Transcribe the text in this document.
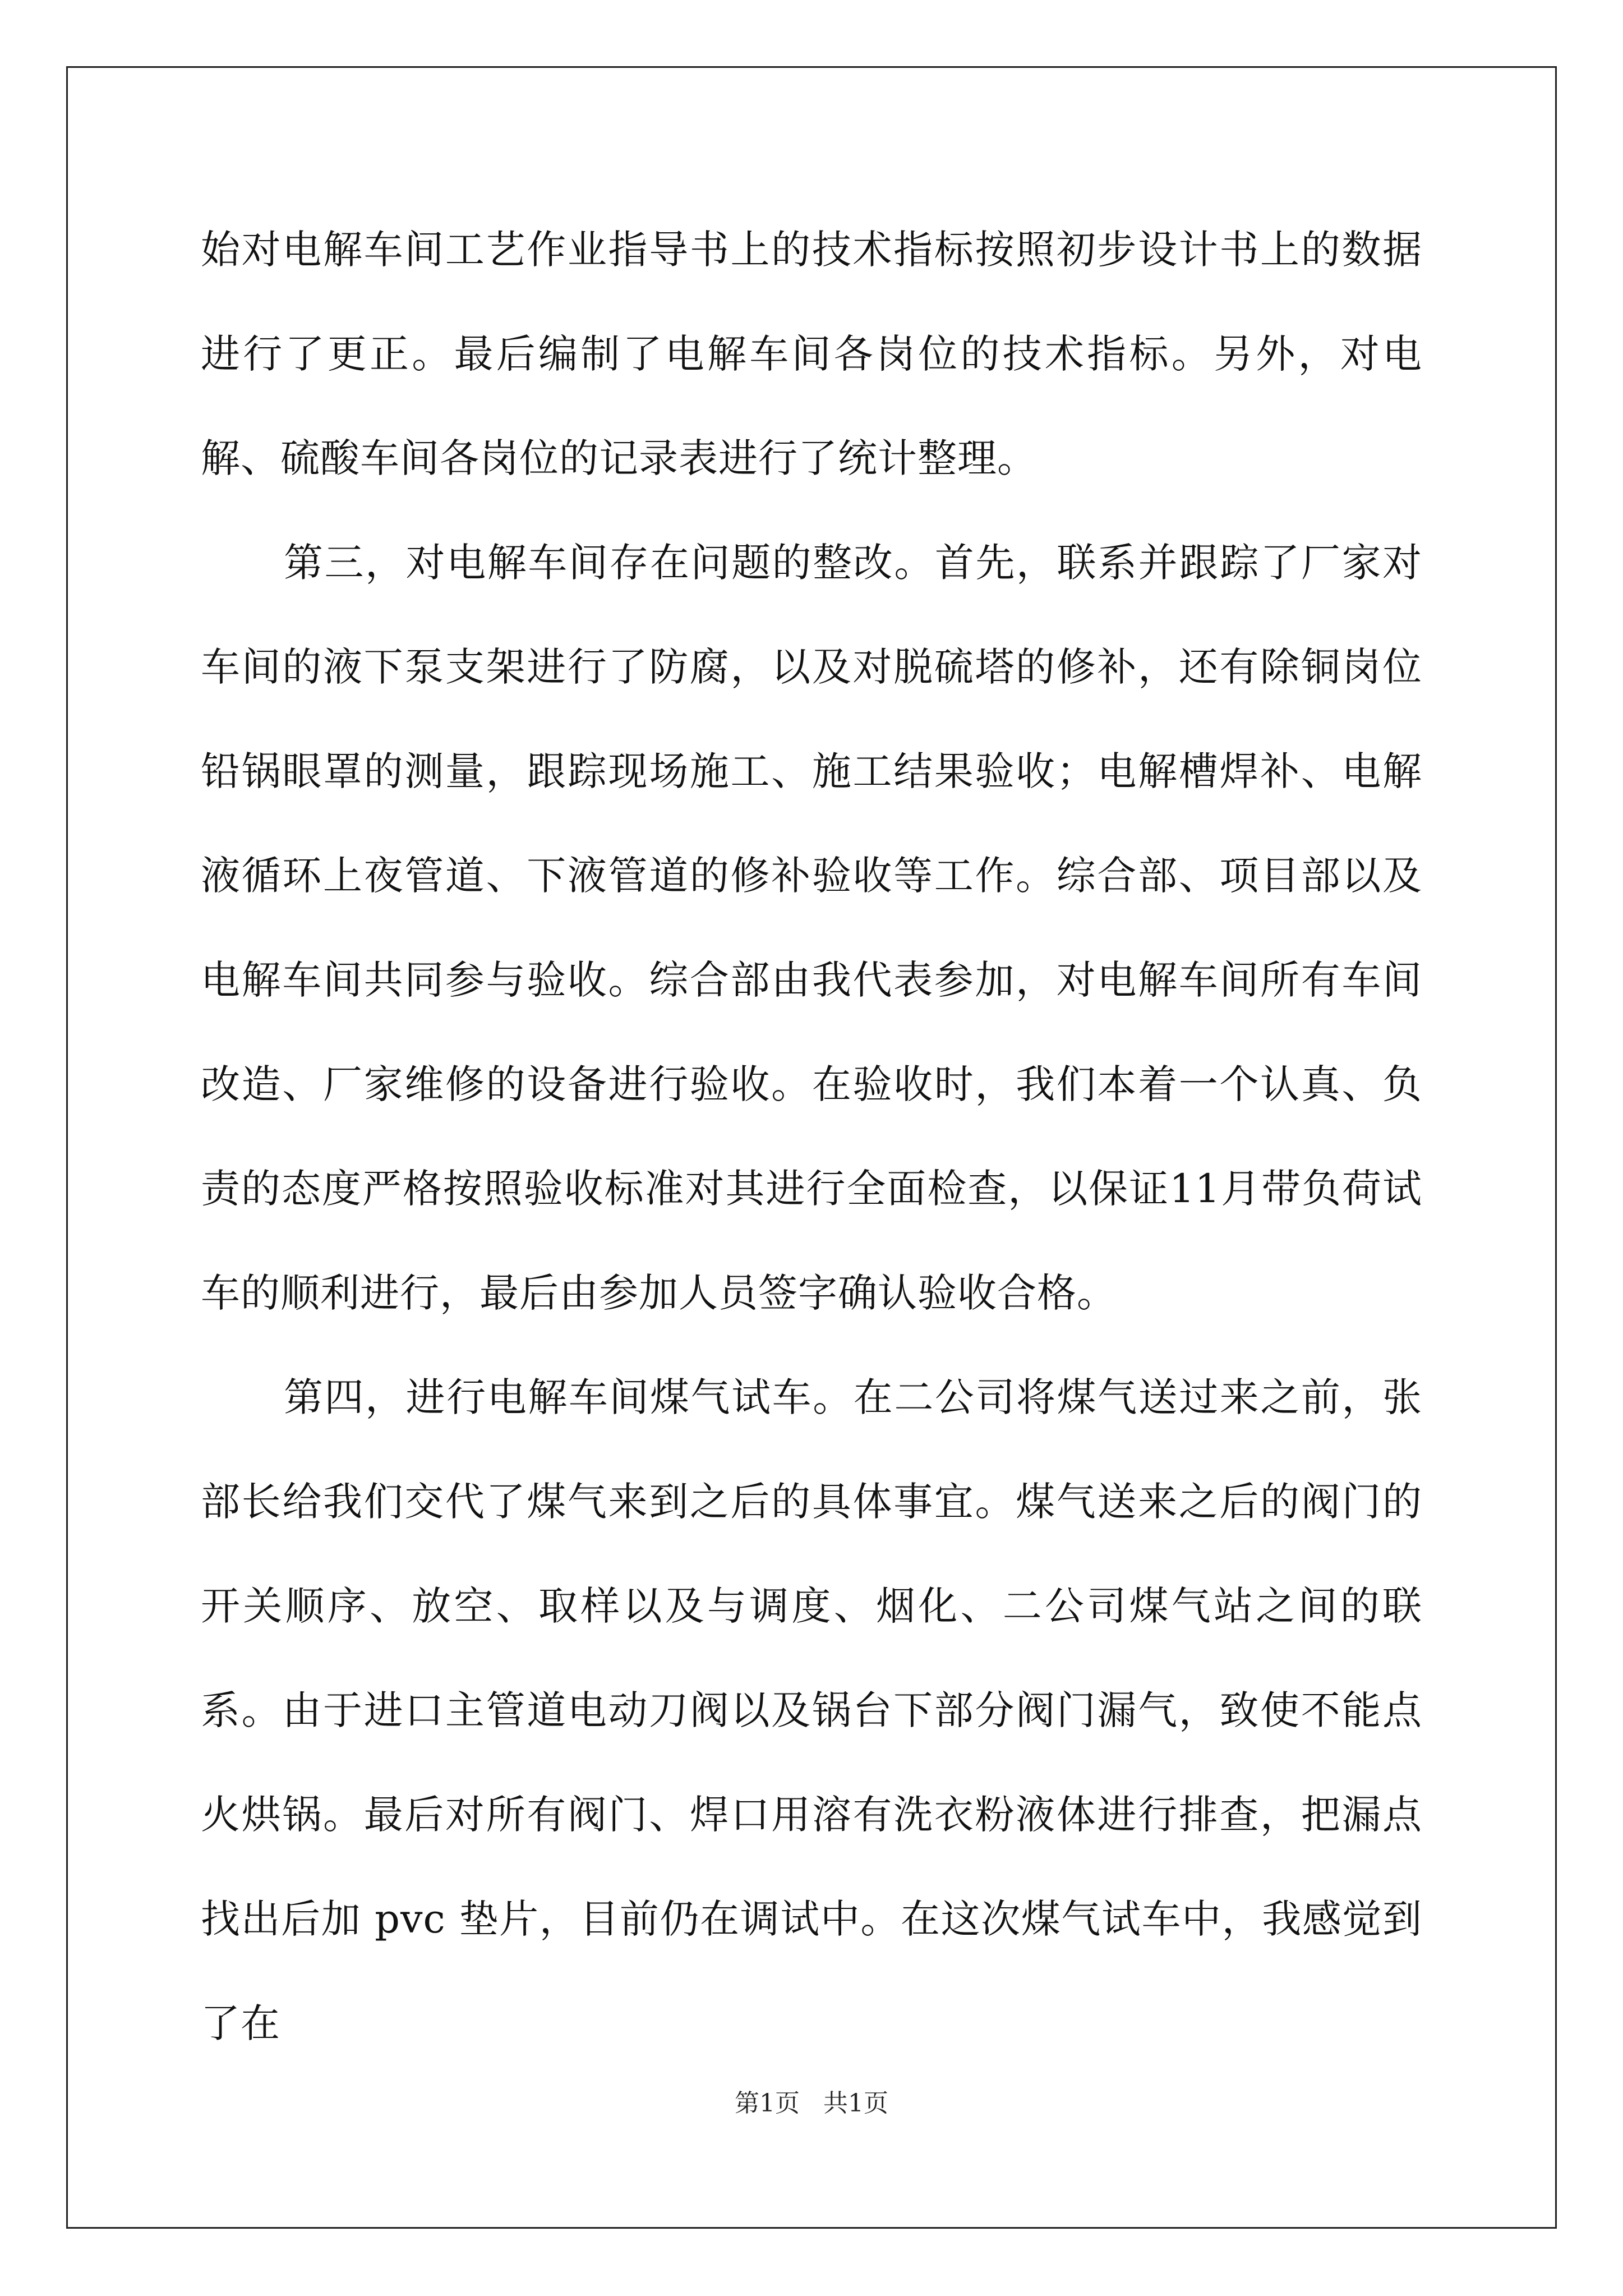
始对电解车间工艺作业指导书上的技术指标按照初步设计书上的数据进行了更正。最后编制了电解车间各岗位的技术指标。另外，对电解、硫酸车间各岗位的记录表进行了统计整理。

第三，对电解车间存在问题的整改。首先，联系并跟踪了厂家对车间的液下泵支架进行了防腐，以及对脱硫塔的修补，还有除铜岗位铅锅眼罩的测量，跟踪现场施工、施工结果验收；电解槽焊补、电解液循环上夜管道、下液管道的修补验收等工作。综合部、项目部以及电解车间共同参与验收。综合部由我代表参加，对电解车间所有车间改造、厂家维修的设备进行验收。在验收时，我们本着一个认真、负责的态度严格按照验收标准对其进行全面检查，以保证11月带负荷试车的顺利进行，最后由参加人员签字确认验收合格。

第四，进行电解车间煤气试车。在二公司将煤气送过来之前，张部长给我们交代了煤气来到之后的具体事宜。煤气送来之后的阀门的开关顺序、放空、取样以及与调度、烟化、二公司煤气站之间的联系。由于进口主管道电动刀阀以及锅台下部分阀门漏气，致使不能点火烘锅。最后对所有阀门、焊口用溶有洗衣粉液体进行排查，把漏点找出后加 pvc 垫片，目前仍在调试中。在这次煤气试车中，我感觉到了在

第1页 共1页
